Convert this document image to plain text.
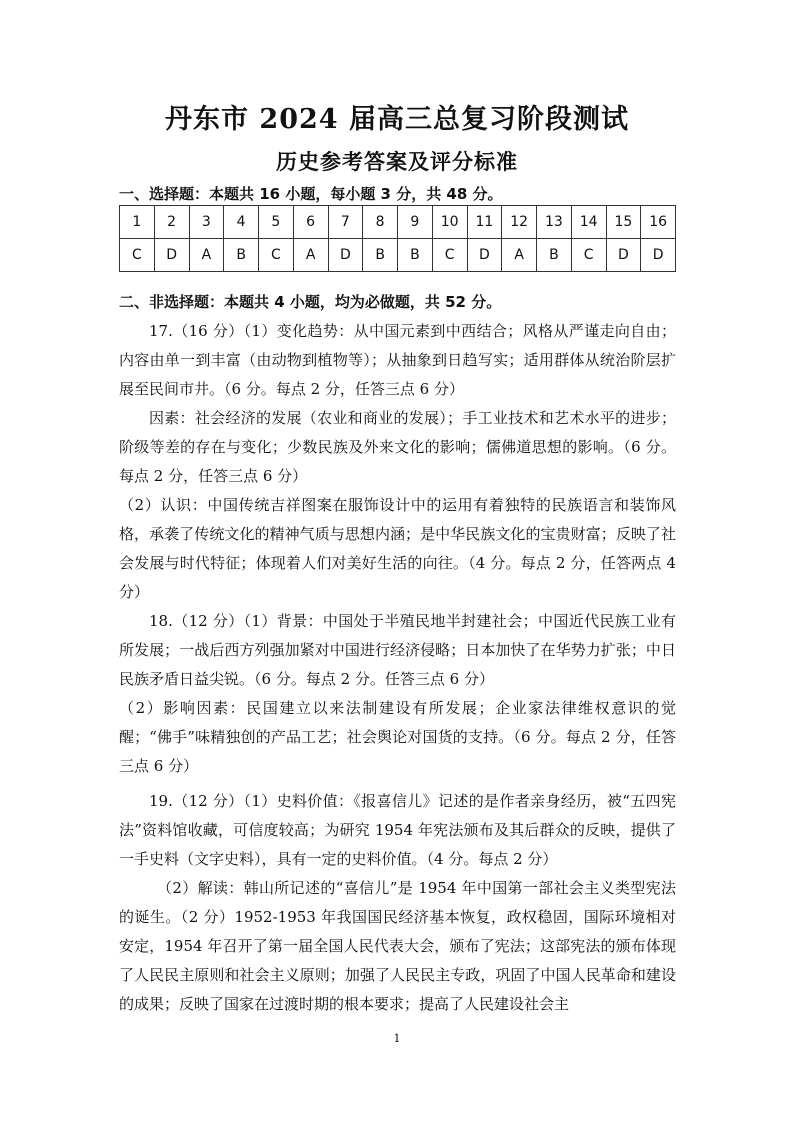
丹东市 2024 届高三总复习阶段测试
历史参考答案及评分标准
一、选择题：本题共 16 小题，每小题 3 分，共 48 分。
1	2	3	4	5	6	7	8	9	10	11	12	13	14	15	16
C	D	A	B	C	A	D	B	B	C	D	A	B	C	D	D
二、非选择题：本题共 4 小题，均为必做题，共 52 分。
17.（16 分）（1）变化趋势：从中国元素到中西结合；风格从严谨走向自由；内容由单一到丰富（由动物到植物等）；从抽象到日趋写实；适用群体从统治阶层扩展至民间市井。（6 分。每点 2 分，任答三点 6 分）
因素：社会经济的发展（农业和商业的发展）；手工业技术和艺术水平的进步；阶级等差的存在与变化；少数民族及外来文化的影响；儒佛道思想的影响。（6 分。每点 2 分，任答三点 6 分）
（2）认识：中国传统吉祥图案在服饰设计中的运用有着独特的民族语言和装饰风格，承袭了传统文化的精神气质与思想内涵；是中华民族文化的宝贵财富；反映了社会发展与时代特征；体现着人们对美好生活的向往。（4 分。每点 2 分，任答两点 4 分）
18.（12 分）（1）背景：中国处于半殖民地半封建社会；中国近代民族工业有所发展；一战后西方列强加紧对中国进行经济侵略；日本加快了在华势力扩张；中日民族矛盾日益尖锐。（6 分。每点 2 分。任答三点 6 分）
（2）影响因素：民国建立以来法制建设有所发展；企业家法律维权意识的觉醒；“佛手”味精独创的产品工艺；社会舆论对国货的支持。（6 分。每点 2 分，任答三点 6 分）
19.（12 分）（1）史料价值：《报喜信儿》记述的是作者亲身经历，被“五四宪法”资料馆收藏，可信度较高；为研究 1954 年宪法颁布及其后群众的反映，提供了一手史料（文字史料），具有一定的史料价值。（4 分。每点 2 分）
（2）解读：韩山所记述的“喜信儿”是 1954 年中国第一部社会主义类型宪法的诞生。（2 分）1952-1953 年我国国民经济基本恢复，政权稳固，国际环境相对安定，1954 年召开了第一届全国人民代表大会，颁布了宪法；这部宪法的颁布体现了人民民主原则和社会主义原则；加强了人民民主专政，巩固了中国人民革命和建设的成果；反映了国家在过渡时期的根本要求；提高了人民建设社会主
1
